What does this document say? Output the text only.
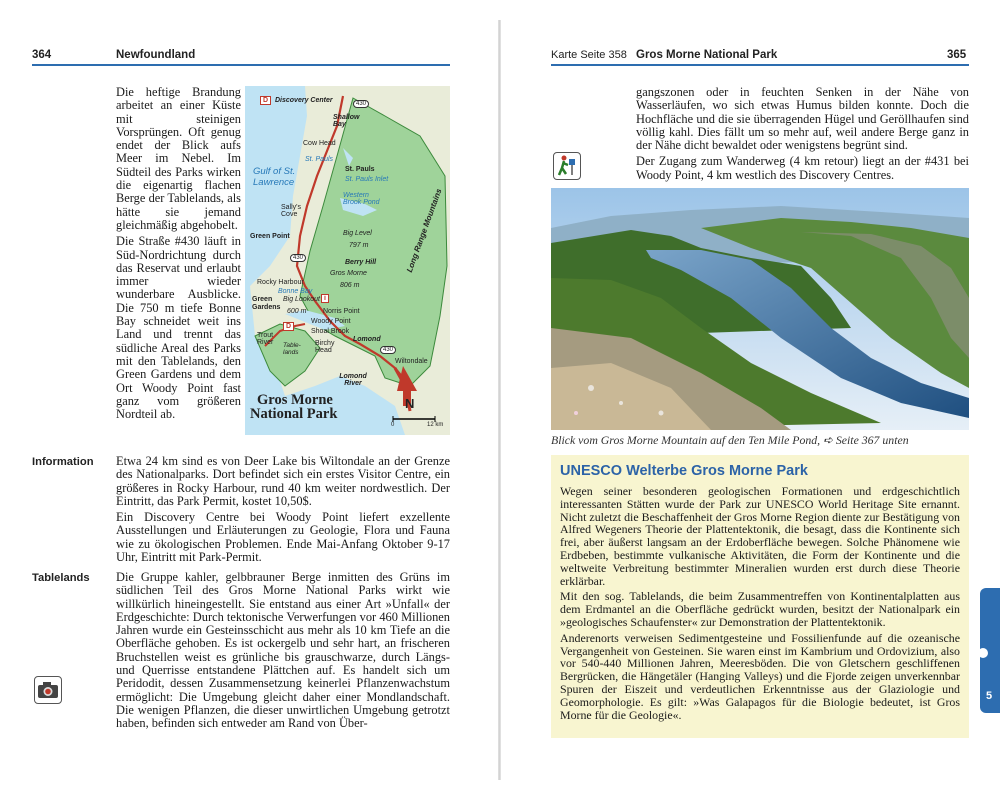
364	Newfoundland	Karte Seite 358 Gros Morne National Park	365

Die heftige Brandung arbeitet an einer Küste mit steinigen Vorsprüngen. Oft genug endet der Blick aufs Meer im Nebel. Im Südteil des Parks wirken die eigenartig flachen Berge der Tablelands, als hätte sie jemand gleichmäßig abgehobelt.

Die Straße #430 läuft in Süd-Nordrichtung durch das Reservat und erlaubt immer wieder wunderbare Ausblicke. Die 750 m tiefe Bonne Bay schneidet weit ins Land und trennt das südliche Areal des Parks mit den Tablelands, den Green Gardens und dem Ort Woody Point fast ganz vom größeren Nordteil ab.

D Discovery Center	430
Shallow Bay
Cow Head
Gulf of St. Lawrence
St. Pauls
St. Pauls
St. Pauls Inlet
Sally's Cove
Western Brook Pond
Green Point	Big Level
797 m	Long Range Mountains
430
Berry Hill
Gros Morne
806 m
Rocky Harbour
Bonne Bay
Green Gardens
Big Lookout
600 m
i
Norris Point
D
Woody Point
Shoal Brook
Trout River	Table-lands
Birchy Head
Lomond
430
Wiltondale
Lomond River
Gros Morne
National Park
N
0	12 km
Information Etwa 24 km sind es von Deer Lake bis Wiltondale an der Grenze des Nationalparks. Dort befindet sich ein erstes Visitor Centre, ein größeres in Rocky Harbour, rund 40 km weiter nordwestlich. Der Eintritt, das Park Permit, kostet 10,50$.

Ein Discovery Centre bei Woody Point liefert exzellente Ausstellungen und Erläuterungen zu Geologie, Flora und Fauna wie zu ökologischen Problemen. Ende Mai-Anfang Oktober 9-17 Uhr, Eintritt mit Park-Permit.

Tablelands Die Gruppe kahler, gelbbrauner Berge inmitten des Grüns im südlichen Teil des Gros Morne National Parks wirkt wie willkürlich hineingestellt. Sie entstand aus einer Art »Unfall« der Erdgeschichte: Durch tektonische Verwerfungen vor 460 Millionen Jahren wurde ein Gesteinsschicht aus mehr als 10 km Tiefe an die Oberfläche gehoben. Es ist ockergelb und sehr hart, an frischeren Bruchstellen weist es grünliche bis grauschwarze, durch Längs- und Querrisse entstandene Plättchen auf. Es handelt sich um Peridodit, dessen Zusammensetzung keinerlei Pflanzenwachstum ermöglicht: Die Umgebung gleicht daher einer Mondlandschaft. Die wenigen Pflanzen, die dieser unwirtlichen Umgebung getrotzt haben, befinden sich entweder am Rand von Über-

gangszonen oder in feuchten Senken in der Nähe von Wasserläufen, wo sich etwas Humus bilden konnte. Doch die Hochfläche und die sie überragenden Hügel und Geröllhaufen sind völlig kahl. Dies fällt um so mehr auf, weil andere Berge ganz in der Nähe dicht bewaldet oder wenigstens begrünt sind.

Der Zugang zum Wanderweg (4 km retour) liegt an der #431 bei Woody Point, 4 km westlich des Discovery Centres.

Blick vom Gros Morne Mountain auf den Ten Mile Pond, ➪ Seite 367 unten
UNESCO Welterbe Gros Morne Park

Wegen seiner besonderen geologischen Formationen und erdgeschichtlich interessanten Stätten wurde der Park zur UNESCO World Heritage Site ernannt. Nicht zuletzt die Beschaffenheit der Gros Morne Region diente zur Bestätigung von Alfred Wegeners Theorie der Plattentektonik, die besagt, dass die Kontinente sich frei, aber äußerst langsam an der Erdoberfläche bewegen. Solche Phänomene wie Erdbeben, bestimmte vulkanische Aktivitäten, die Form der Kontinente und die weltweite Verbreitung bestimmter Mineralien wurden erst durch diese Theorie erklärbar.

Mit den sog. Tablelands, die beim Zusammentreffen von Kontinentalplatten aus dem Erdmantel an die Oberfläche gedrückt wurden, besitzt der Nationalpark ein »geologisches Schaufenster« zur Demonstration der Plattentektonik.

Anderenorts verweisen Sedimentgesteine und Fossilienfunde auf die ozeanische Vergangenheit von Gesteinen. Sie waren einst im Kambrium und Ordovizium, also vor 540-440 Millionen Jahren, Meeresböden. Die von Gletschern geschliffenen Bergrücken, die Hängetäler (Hanging Valleys) und die Fjorde zeigen unverkennbar Spuren der Eiszeit und verdeutlichen Erkenntnisse aus der Glaziologie und Geomorphologie. Es gilt: »Was Galapagos für die Biologie bedeutet, ist Gros Morne für die Geologie«.

5
